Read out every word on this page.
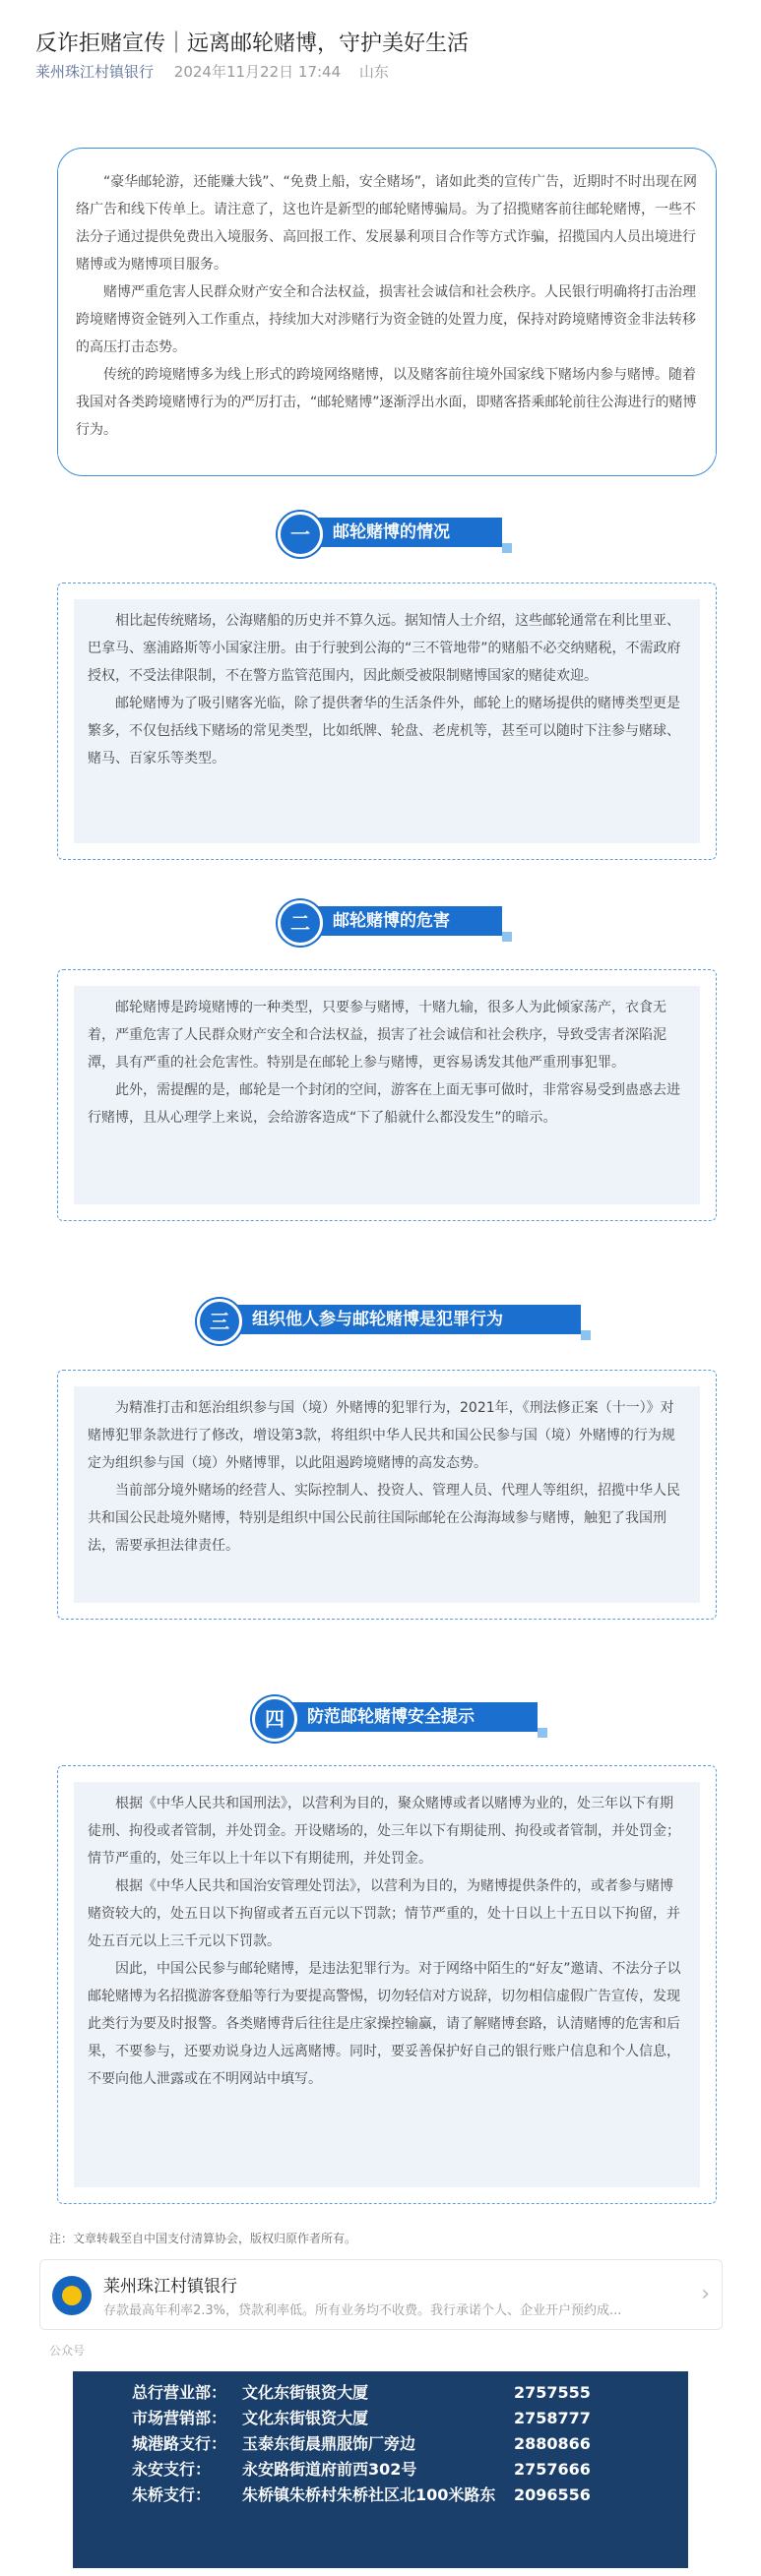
反诈拒赌宣传｜远离邮轮赌博，守护美好生活
莱州珠江村镇银行 2024年11月22日 17:44 山东

“豪华邮轮游，还能赚大钱”、“免费上船，安全赌场”，诸如此类的宣传广告，近期时不时出现在网络广告和线下传单上。请注意了，这也许是新型的邮轮赌博骗局。为了招揽赌客前往邮轮赌博，一些不法分子通过提供免费出入境服务、高回报工作、发展暴利项目合作等方式诈骗，招揽国内人员出境进行赌博或为赌博项目服务。

赌博严重危害人民群众财产安全和合法权益，损害社会诚信和社会秩序。人民银行明确将打击治理跨境赌博资金链列入工作重点，持续加大对涉赌行为资金链的处置力度，保持对跨境赌博资金非法转移的高压打击态势。

传统的跨境赌博多为线上形式的跨境网络赌博，以及赌客前往境外国家线下赌场内参与赌博。随着我国对各类跨境赌博行为的严厉打击，“邮轮赌博”逐渐浮出水面，即赌客搭乘邮轮前往公海进行的赌博行为。

一	邮轮赌博的情况

相比起传统赌场，公海赌船的历史并不算久远。据知情人士介绍，这些邮轮通常在利比里亚、巴拿马、塞浦路斯等小国家注册。由于行驶到公海的“三不管地带”的赌船不必交纳赌税，不需政府授权，不受法律限制，不在警方监管范围内，因此颇受被限制赌博国家的赌徒欢迎。

邮轮赌博为了吸引赌客光临，除了提供奢华的生活条件外，邮轮上的赌场提供的赌博类型更是繁多，不仅包括线下赌场的常见类型，比如纸牌、轮盘、老虎机等，甚至可以随时下注参与赌球、赌马、百家乐等类型。

二	邮轮赌博的危害

邮轮赌博是跨境赌博的一种类型，只要参与赌博，十赌九输，很多人为此倾家荡产，衣食无着，严重危害了人民群众财产安全和合法权益，损害了社会诚信和社会秩序，导致受害者深陷泥潭，具有严重的社会危害性。特别是在邮轮上参与赌博，更容易诱发其他严重刑事犯罪。

此外，需提醒的是，邮轮是一个封闭的空间，游客在上面无事可做时，非常容易受到蛊惑去进行赌博，且从心理学上来说，会给游客造成“下了船就什么都没发生”的暗示。

三	组织他人参与邮轮赌博是犯罪行为

为精准打击和惩治组织参与国（境）外赌博的犯罪行为，2021年，《刑法修正案（十一）》对赌博犯罪条款进行了修改，增设第3款，将组织中华人民共和国公民参与国（境）外赌博的行为规定为组织参与国（境）外赌博罪，以此阻遏跨境赌博的高发态势。

当前部分境外赌场的经营人、实际控制人、投资人、管理人员、代理人等组织，招揽中华人民共和国公民赴境外赌博，特别是组织中国公民前往国际邮轮在公海海域参与赌博，触犯了我国刑法，需要承担法律责任。

四	防范邮轮赌博安全提示

根据《中华人民共和国刑法》，以营利为目的，聚众赌博或者以赌博为业的，处三年以下有期徒刑、拘役或者管制，并处罚金。开设赌场的，处三年以下有期徒刑、拘役或者管制，并处罚金；情节严重的，处三年以上十年以下有期徒刑，并处罚金。

根据《中华人民共和国治安管理处罚法》，以营利为目的，为赌博提供条件的，或者参与赌博赌资较大的，处五日以下拘留或者五百元以下罚款；情节严重的，处十日以上十五日以下拘留，并处五百元以上三千元以下罚款。

因此，中国公民参与邮轮赌博，是违法犯罪行为。对于网络中陌生的“好友”邀请、不法分子以邮轮赌博为名招揽游客登船等行为要提高警惕，切勿轻信对方说辞，切勿相信虚假广告宣传，发现此类行为要及时报警。各类赌博背后往往是庄家操控输赢，请了解赌博套路，认清赌博的危害和后果，不要参与，还要劝说身边人远离赌博。同时，要妥善保护好自己的银行账户信息和个人信息，不要向他人泄露或在不明网站中填写。

注：文章转载至自中国支付清算协会，版权归原作者所有。
莱州珠江村镇银行
存款最高年利率2.3%，贷款利率低。所有业务均不收费。我行承诺个人、企业开户预约成...
›
公众号
总行营业部： 文化东街银资大厦	2757555
市场营销部： 文化东街银资大厦	2758777
城港路支行： 玉泰东街晨鼎服饰厂旁边	2880866
永安支行： 永安路街道府前西302号	2757666
朱桥支行： 朱桥镇朱桥村朱桥社区北100米路东 2096556
